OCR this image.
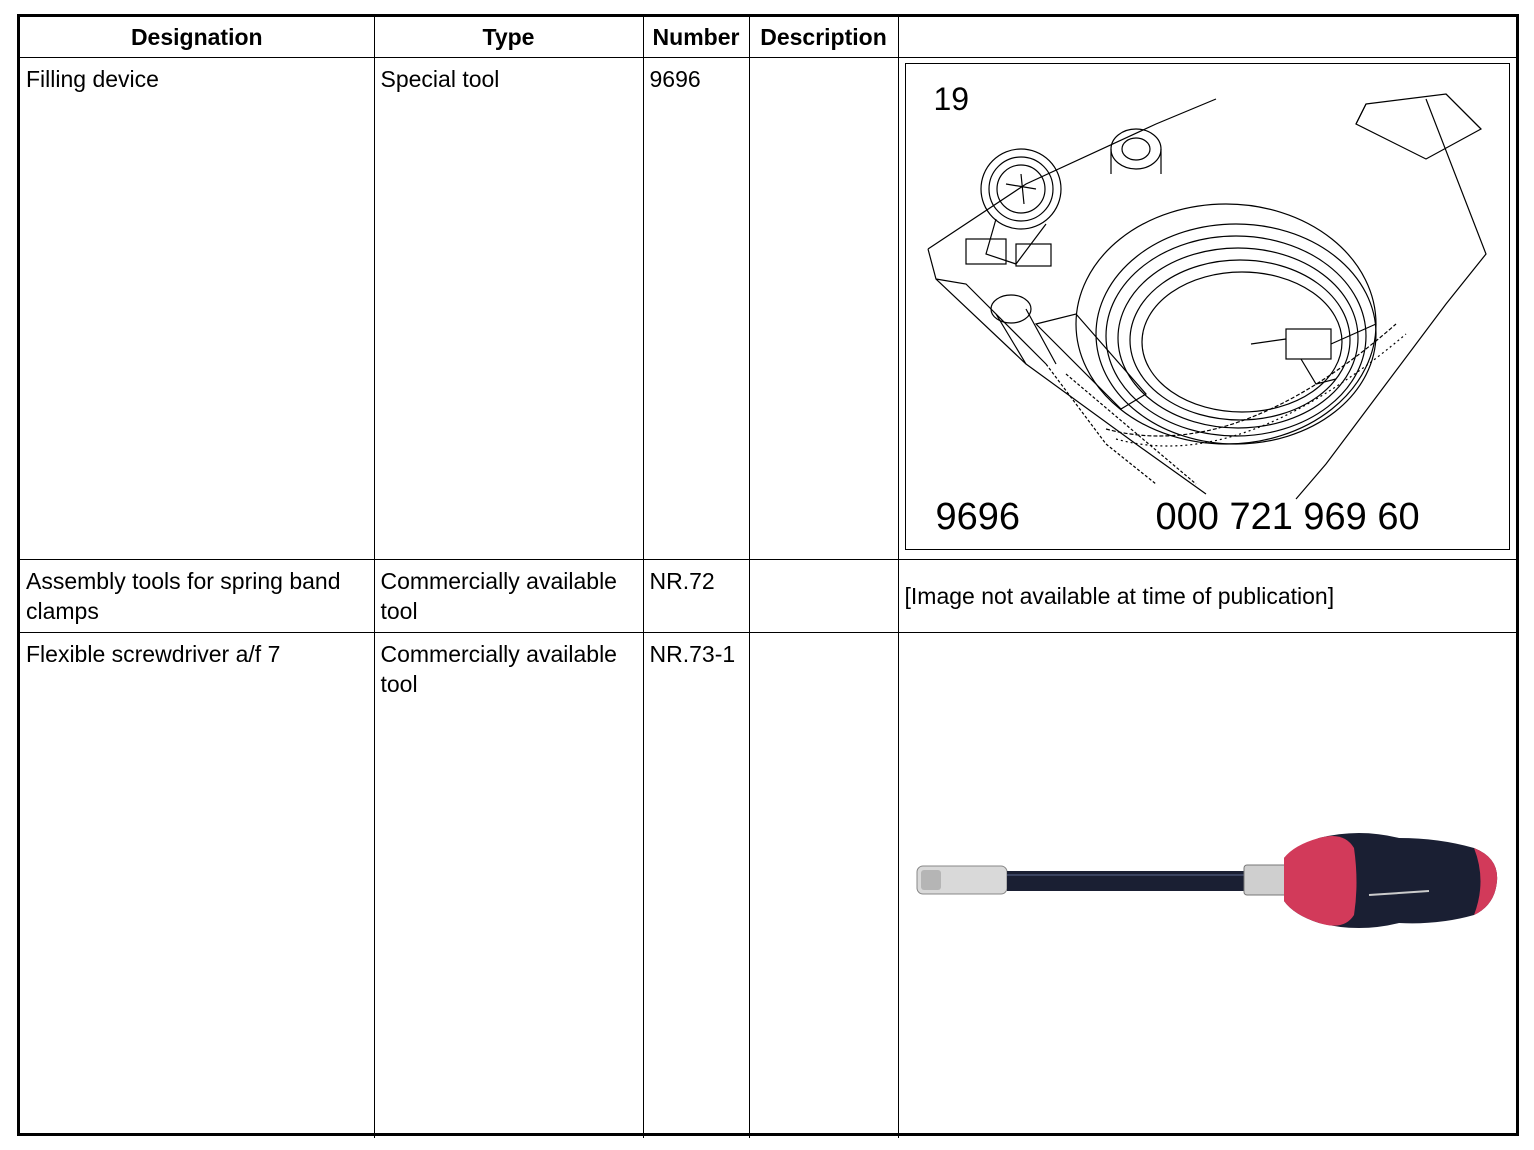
Designation	Type	Number	Description	

Filling device	Special tool	9696		19
9696 000 721 969 60

Assembly tools for spring band clamps	Commercially available tool	NR.72		[Image not available at time of publication]

Flexible screwdriver a/f 7	Commercially available tool	NR.73-1
